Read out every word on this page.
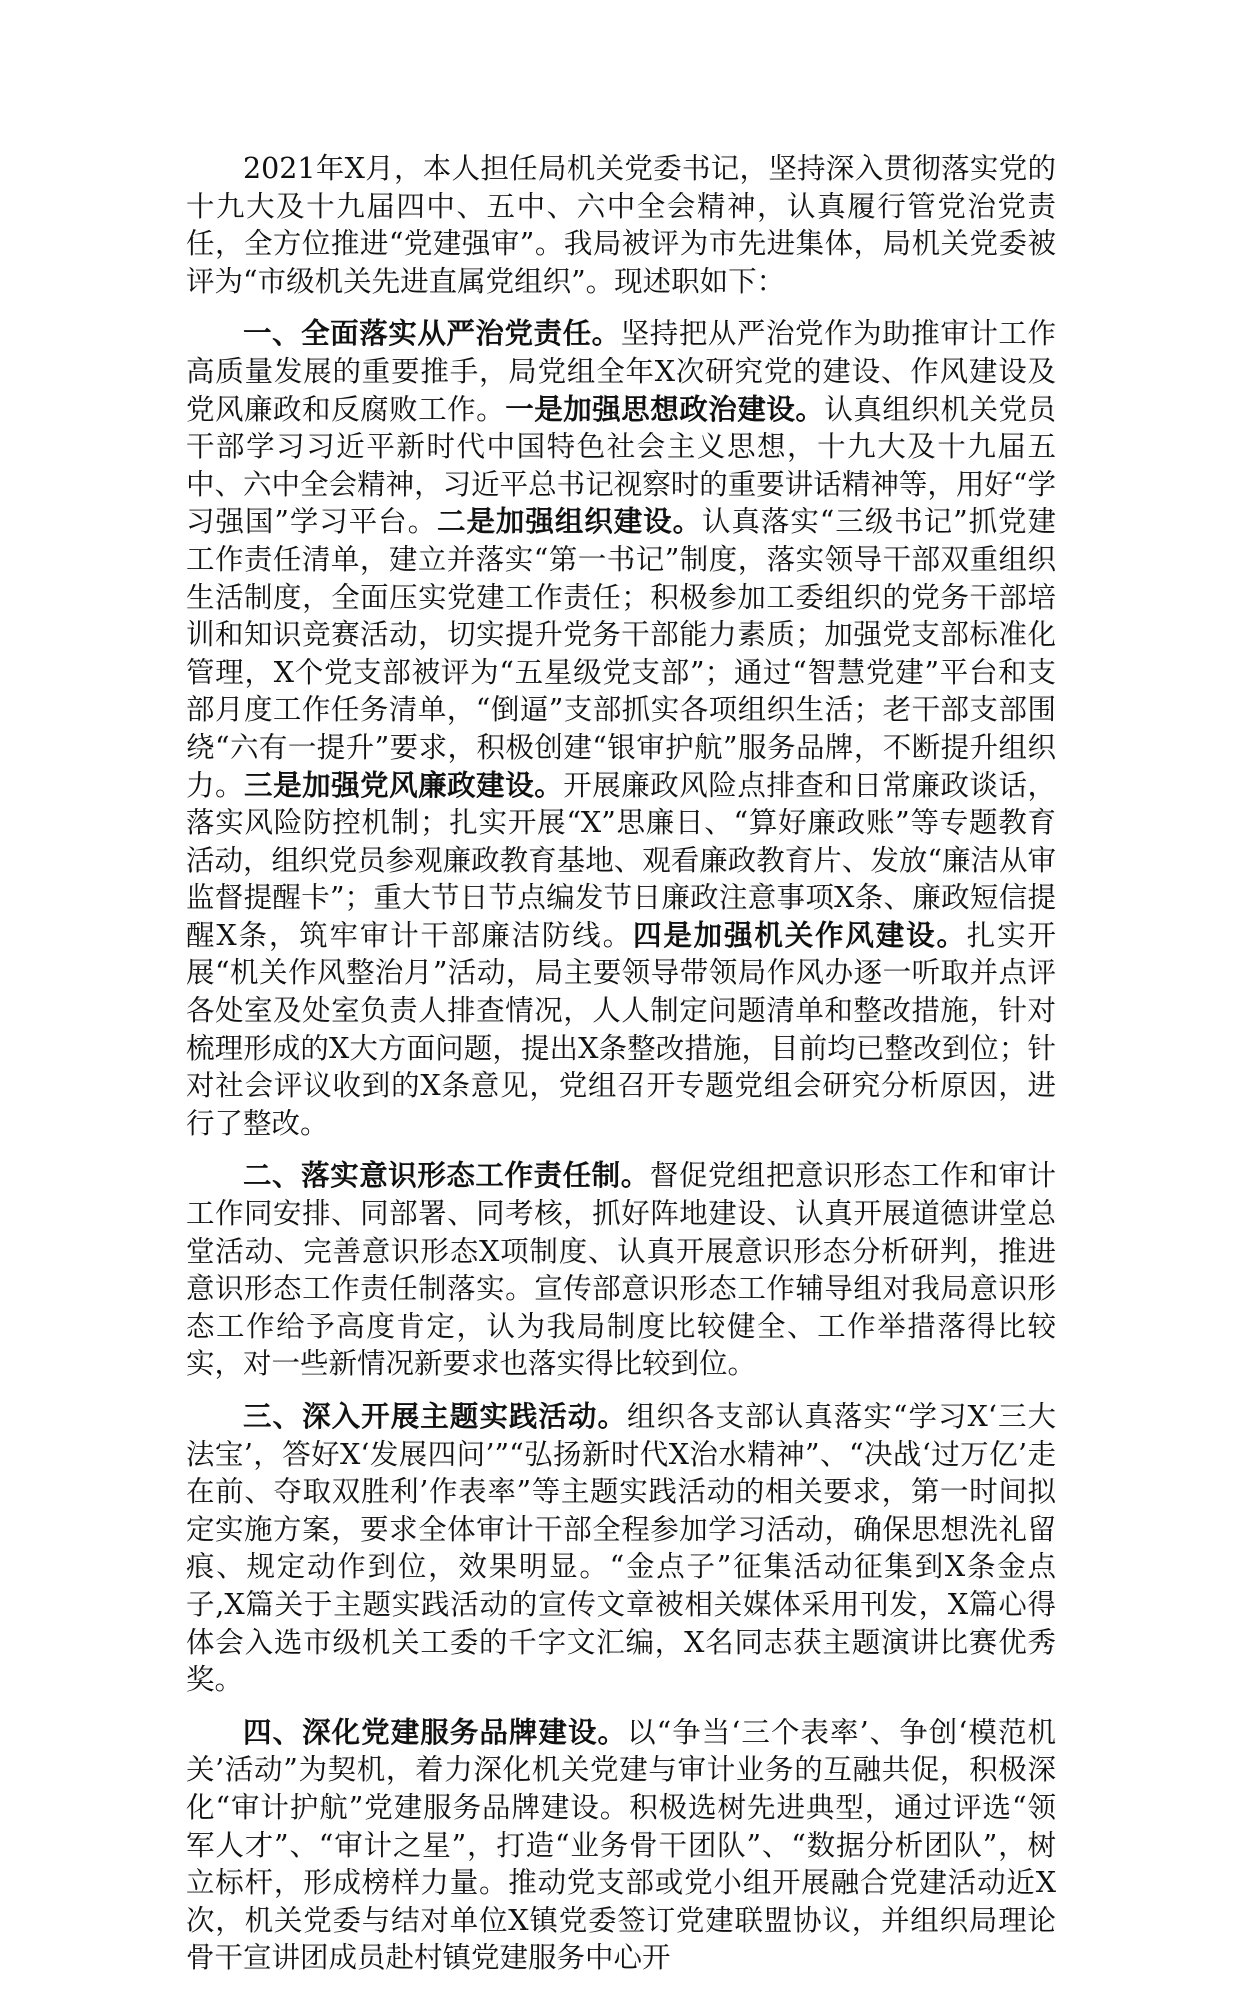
2021年X月，本人担任局机关党委书记，坚持深入贯彻落实党的十九大及十九届四中、五中、六中全会精神，认真履行管党治党责任，全方位推进“党建强审”。我局被评为市先进集体，局机关党委被评为“市级机关先进直属党组织”。现述职如下：

一、全面落实从严治党责任。坚持把从严治党作为助推审计工作高质量发展的重要推手，局党组全年X次研究党的建设、作风建设及党风廉政和反腐败工作。一是加强思想政治建设。认真组织机关党员干部学习习近平新时代中国特色社会主义思想，十九大及十九届五中、六中全会精神，习近平总书记视察时的重要讲话精神等，用好“学习强国”学习平台。二是加强组织建设。认真落实“三级书记”抓党建工作责任清单，建立并落实“第一书记”制度，落实领导干部双重组织生活制度，全面压实党建工作责任；积极参加工委组织的党务干部培训和知识竞赛活动，切实提升党务干部能力素质；加强党支部标准化管理，X个党支部被评为“五星级党支部”；通过“智慧党建”平台和支部月度工作任务清单，“倒逼”支部抓实各项组织生活；老干部支部围绕“六有一提升”要求，积极创建“银审护航”服务品牌，不断提升组织力。三是加强党风廉政建设。开展廉政风险点排查和日常廉政谈话，落实风险防控机制；扎实开展“X”思廉日、“算好廉政账”等专题教育活动，组织党员参观廉政教育基地、观看廉政教育片、发放“廉洁从审监督提醒卡”；重大节日节点编发节日廉政注意事项X条、廉政短信提醒X条，筑牢审计干部廉洁防线。四是加强机关作风建设。扎实开展“机关作风整治月”活动，局主要领导带领局作风办逐一听取并点评各处室及处室负责人排查情况，人人制定问题清单和整改措施，针对梳理形成的X大方面问题，提出X条整改措施，目前均已整改到位；针对社会评议收到的X条意见，党组召开专题党组会研究分析原因，进行了整改。

二、落实意识形态工作责任制。督促党组把意识形态工作和审计工作同安排、同部署、同考核，抓好阵地建设、认真开展道德讲堂总堂活动、完善意识形态X项制度、认真开展意识形态分析研判，推进意识形态工作责任制落实。宣传部意识形态工作辅导组对我局意识形态工作给予高度肯定，认为我局制度比较健全、工作举措落得比较实，对一些新情况新要求也落实得比较到位。

三、深入开展主题实践活动。组织各支部认真落实“学习X‘三大法宝’，答好X‘发展四问’”“弘扬新时代X治水精神”、“决战‘过万亿’走在前、夺取双胜利’作表率”等主题实践活动的相关要求，第一时间拟定实施方案，要求全体审计干部全程参加学习活动，确保思想洗礼留痕、规定动作到位，效果明显。“金点子”征集活动征集到X条金点子,X篇关于主题实践活动的宣传文章被相关媒体采用刊发，X篇心得体会入选市级机关工委的千字文汇编，X名同志获主题演讲比赛优秀奖。

四、深化党建服务品牌建设。以“争当‘三个表率’、争创‘模范机关’活动”为契机，着力深化机关党建与审计业务的互融共促，积极深化“审计护航”党建服务品牌建设。积极选树先进典型，通过评选“领军人才”、“审计之星”，打造“业务骨干团队”、“数据分析团队”，树立标杆，形成榜样力量。推动党支部或党小组开展融合党建活动近X次，机关党委与结对单位X镇党委签订党建联盟协议，并组织局理论骨干宣讲团成员赴村镇党建服务中心开
